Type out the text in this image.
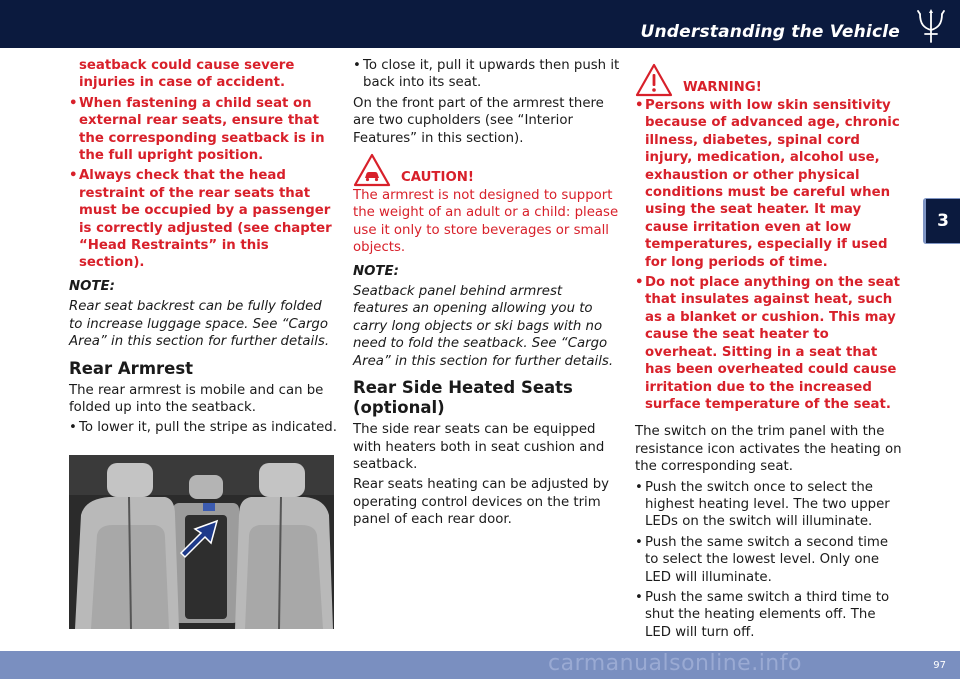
Understanding the Vehicle
3

seatback could cause severe injuries in case of accident.

• When fastening a child seat on external rear seats, ensure that the corresponding seatback is in the full upright position.

• Always check that the head restraint of the rear seats that must be occupied by a passenger is correctly adjusted (see chapter “Head Restraints” in this section).

NOTE:

Rear seat backrest can be fully folded to increase luggage space. See “Cargo Area” in this section for further details.

Rear Armrest

The rear armrest is mobile and can be folded up into the seatback.

• To lower it, pull the stripe as indicated.

• To close it, pull it upwards then push it back into its seat.

On the front part of the armrest there are two cupholders (see “Interior Features” in this section).

CAUTION!

The armrest is not designed to support the weight of an adult or a child: please use it only to store beverages or small objects.

NOTE:

Seatback panel behind armrest features an opening allowing you to carry long objects or ski bags with no need to fold the seatback. See “Cargo Area” in this section for further details.

Rear Side Heated Seats (optional)

The side rear seats can be equipped with heaters both in seat cushion and seatback.

Rear seats heating can be adjusted by operating control devices on the trim panel of each rear door.

WARNING!

• Persons with low skin sensitivity because of advanced age, chronic illness, diabetes, spinal cord injury, medication, alcohol use, exhaustion or other physical conditions must be careful when using the seat heater. It may cause irritation even at low temperatures, especially if used for long periods of time.

• Do not place anything on the seat that insulates against heat, such as a blanket or cushion. This may cause the seat heater to overheat. Sitting in a seat that has been overheated could cause irritation due to the increased surface temperature of the seat.

The switch on the trim panel with the resistance icon activates the heating on the corresponding seat.

• Push the switch once to select the highest heating level. The two upper LEDs on the switch will illuminate.

• Push the same switch a second time to select the lowest level. Only one LED will illuminate.

• Push the same switch a third time to shut the heating elements off. The LED will turn off.

carmanualsonline.info	97
